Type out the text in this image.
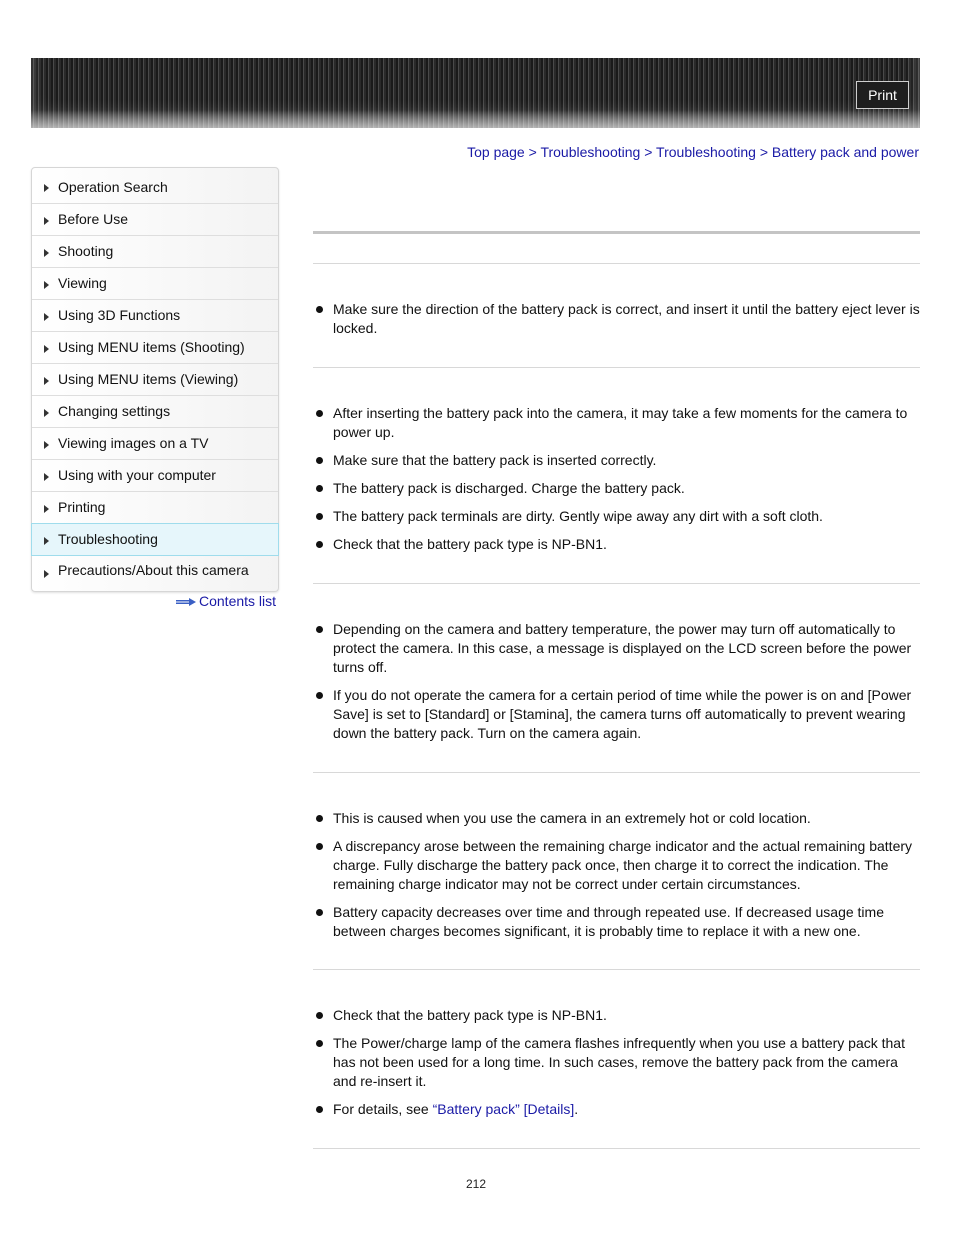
Print
Top page > Troubleshooting > Troubleshooting > Battery pack and power
Operation Search
Before Use
Shooting
Viewing
Using 3D Functions
Using MENU items (Shooting)
Using MENU items (Viewing)
Changing settings
Viewing images on a TV
Using with your computer
Printing
Troubleshooting
Precautions/About this camera
Contents list
Make sure the direction of the battery pack is correct, and insert it until the battery eject lever is locked.
After inserting the battery pack into the camera, it may take a few moments for the camera to power up.
Make sure that the battery pack is inserted correctly.
The battery pack is discharged. Charge the battery pack.
The battery pack terminals are dirty. Gently wipe away any dirt with a soft cloth.
Check that the battery pack type is NP-BN1.
Depending on the camera and battery temperature, the power may turn off automatically to protect the camera. In this case, a message is displayed on the LCD screen before the power turns off.
If you do not operate the camera for a certain period of time while the power is on and [Power Save] is set to [Standard] or [Stamina], the camera turns off automatically to prevent wearing down the battery pack. Turn on the camera again.
This is caused when you use the camera in an extremely hot or cold location.
A discrepancy arose between the remaining charge indicator and the actual remaining battery charge. Fully discharge the battery pack once, then charge it to correct the indication. The remaining charge indicator may not be correct under certain circumstances.
Battery capacity decreases over time and through repeated use. If decreased usage time between charges becomes significant, it is probably time to replace it with a new one.
Check that the battery pack type is NP-BN1.
The Power/charge lamp of the camera flashes infrequently when you use a battery pack that has not been used for a long time. In such cases, remove the battery pack from the camera and re-insert it.
For details, see “Battery pack” [Details].
212
